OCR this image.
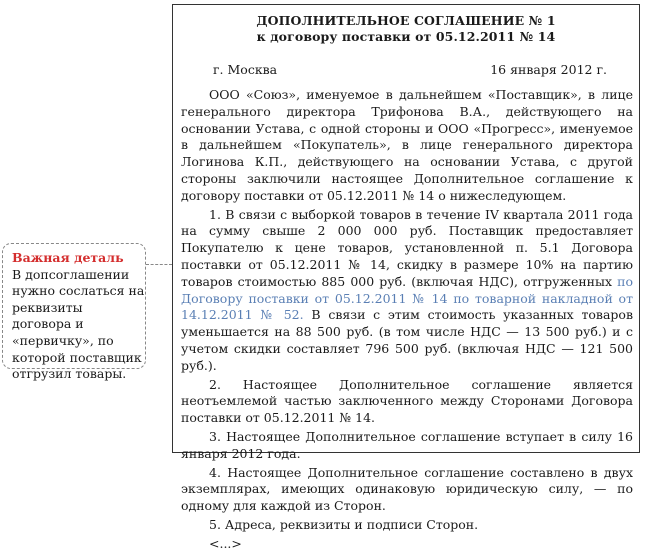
ДОПОЛНИТЕЛЬНОЕ СОГЛАШЕНИЕ № 1
к договору поставки от 05.12.2011 № 14
г. Москва	16 января 2012 г.

ООО «Союз», именуемое в дальнейшем «Поставщик», в лице генерального директора Трифонова В.А., действующего на основании Устава, с одной стороны и ООО «Прогресс», именуемое в дальнейшем «Покупатель», в лице генерального директора Логинова К.П., действующего на основании Устава, с другой стороны заключили настоящее Дополнительное соглашение к договору поставки от 05.12.2011 № 14 о нижеследующем.

1. В связи с выборкой товаров в течение IV квартала 2011 года на сумму свыше 2 000 000 руб. Поставщик предоставляет Покупателю к цене товаров, установленной п. 5.1 Договора поставки от 05.12.2011 № 14, скидку в размере 10% на партию товаров стоимостью 885 000 руб. (включая НДС), отгруженных по Договору поставки от 05.12.2011 № 14 по товарной накладной от 14.12.2011 № 52. В связи с этим стоимость указанных товаров уменьшается на 88 500 руб. (в том числе НДС — 13 500 руб.) и с учетом скидки составляет 796 500 руб. (включая НДС — 121 500 руб.).

2. Настоящее Дополнительное соглашение является неотъемлемой частью заключенного между Сторонами Договора поставки от 05.12.2011 № 14.

3. Настоящее Дополнительное соглашение вступает в силу 16 января 2012 года.

4. Настоящее Дополнительное соглашение составлено в двух экземплярах, имеющих одинаковую юридическую силу, — по одному для каждой из Сторон.

5. Адреса, реквизиты и подписи Сторон.

<...>

Важная деталь
В допсоглашении нужно сослаться на реквизиты договора и «первичку», по которой поставщик отгрузил товары.
